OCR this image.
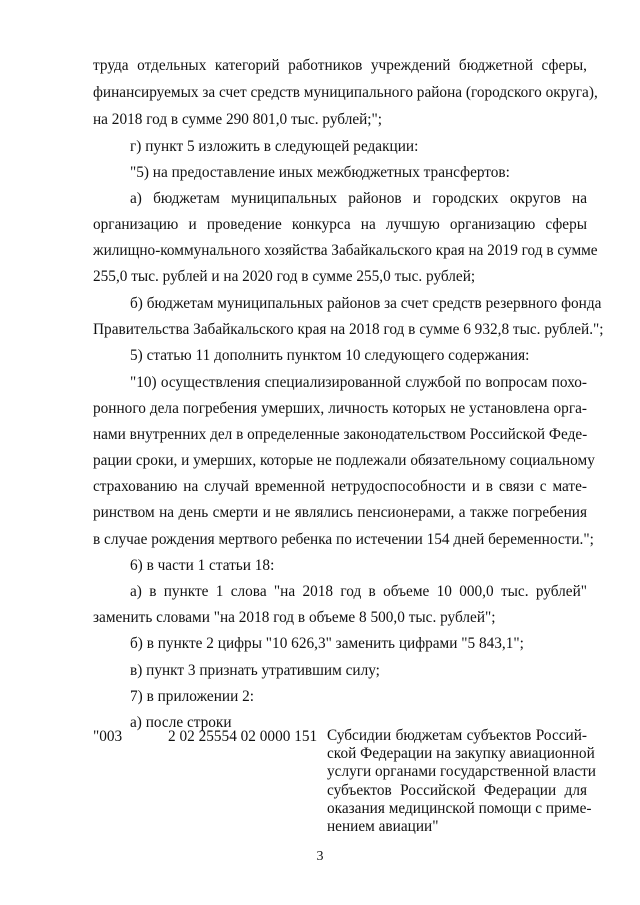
труда отдельных категорий работников учреждений бюджетной сферы,
финансируемых за счет средств муниципального района (городского округа),
на 2018 год в сумме 290 801,0 тыс. рублей;";
г) пункт 5 изложить в следующей редакции:
"5) на предоставление иных межбюджетных трансфертов:
а) бюджетам муниципальных районов и городских округов на
организацию и проведение конкурса на лучшую организацию сферы
жилищно-коммунального хозяйства Забайкальского края на 2019 год в сумме
255,0 тыс. рублей и на 2020 год в сумме 255,0 тыс. рублей;
б) бюджетам муниципальных районов за счет средств резервного фонда
Правительства Забайкальского края на 2018 год в сумме 6 932,8 тыс. рублей.";
5) статью 11 дополнить пунктом 10 следующего содержания:
"10) осуществления специализированной службой по вопросам похо-
ронного дела погребения умерших, личность которых не установлена орга-
нами внутренних дел в определенные законодательством Российской Феде-
рации сроки, и умерших, которые не подлежали обязательному социальному
страхованию на случай временной нетрудоспособности и в связи с мате-
ринством на день смерти и не являлись пенсионерами, а также погребения
в случае рождения мертвого ребенка по истечении 154 дней беременности.";
6) в части 1 статьи 18:
а) в пункте 1 слова "на 2018 год в объеме 10 000,0 тыс. рублей"
заменить словами "на 2018 год в объеме 8 500,0 тыс. рублей";
б) в пункте 2 цифры "10 626,3" заменить цифрами "5 843,1";
в) пункт 3 признать утратившим силу;
7) в приложении 2:
а) после строки
"003	2 02 25554 02 0000 151 Субсидии бюджетам субъектов Россий-
ской Федерации на закупку авиационной
услуги органами государственной власти
субъектов Российской Федерации для
оказания медицинской помощи с приме-
нением авиации"
3
